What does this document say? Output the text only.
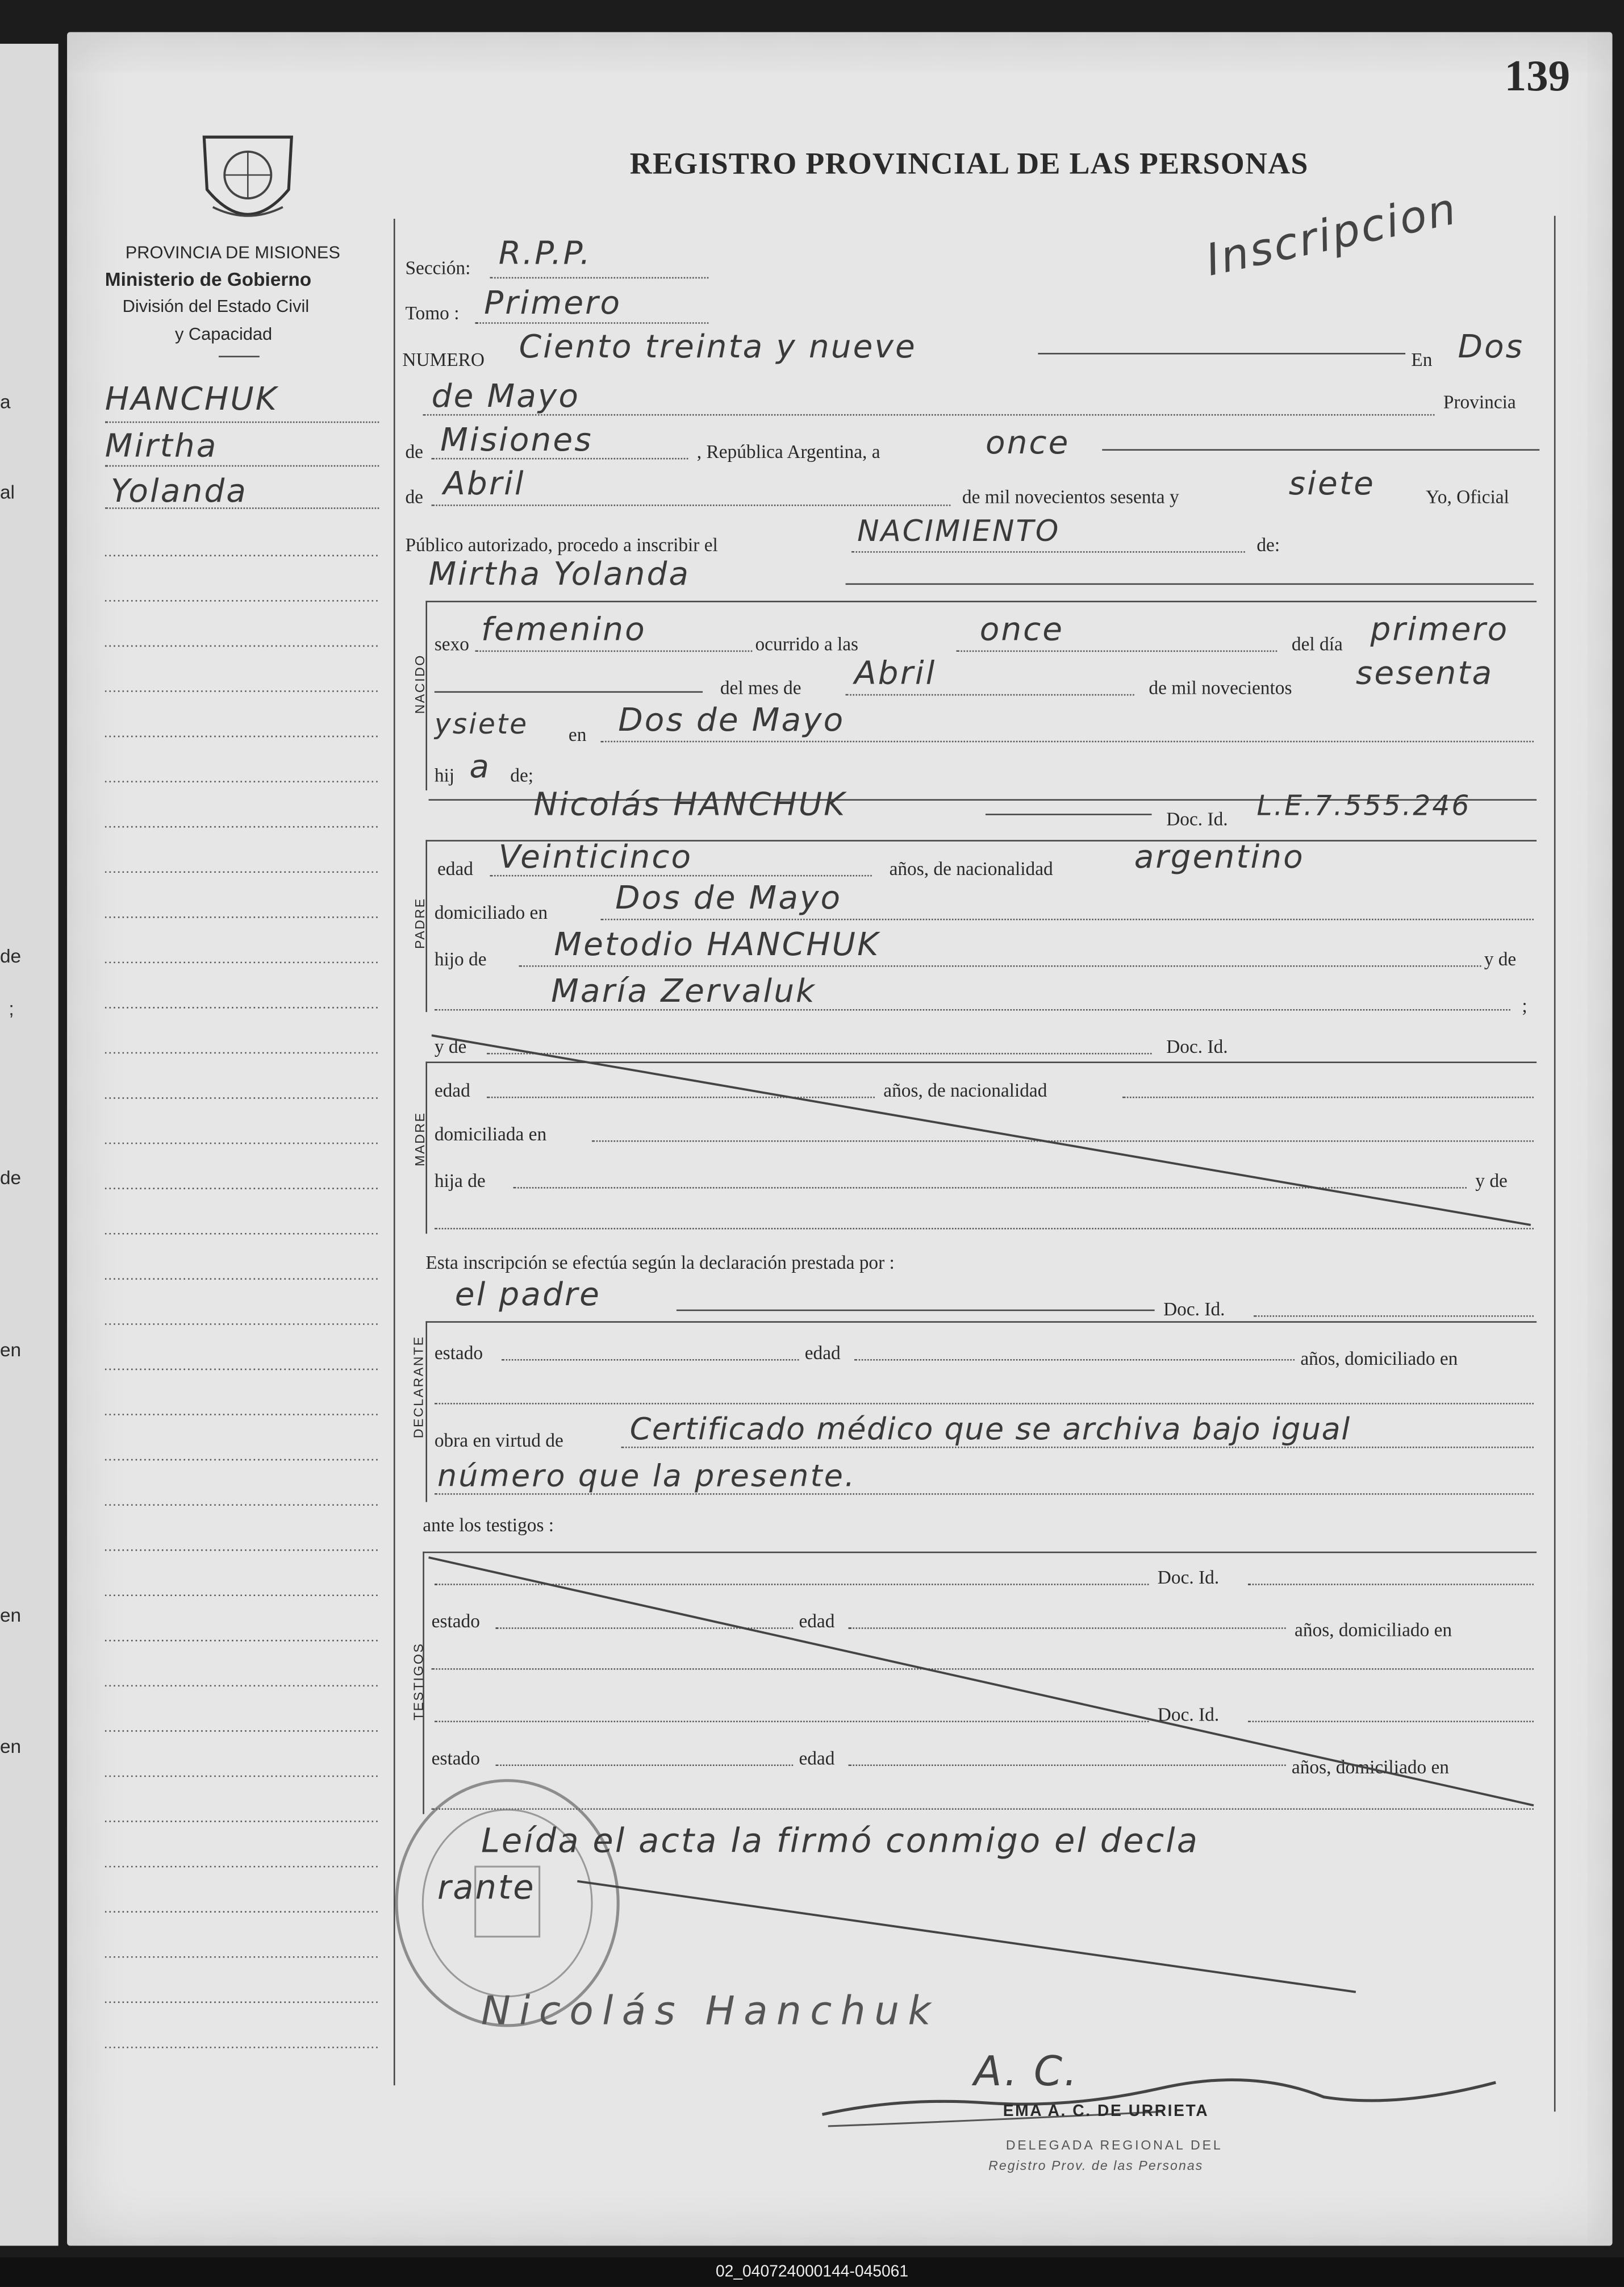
a
al
de
;
de
en
en
en
139
REGISTRO PROVINCIAL DE LAS PERSONAS
Inscripcion
PROVINCIA DE MISIONES
Ministerio de Gobierno
División del Estado Civil
y Capacidad
HANCHUK
Mirtha
Yolanda
Sección: R.P.P.
Tomo : Primero
NUMERO	Ciento treinta y nueve	En Dos
de Mayo	Provincia
de Misiones	, República Argentina, a	once
de Abril	de mil novecientos sesenta y	siete	Yo, Oficial
Público autorizado, procedo a inscribir el	NACIMIENTO	de:
Mirtha Yolanda
NACIDO
sexo femenino	ocurrido a las	once	del día primero
del mes de	Abril	de mil novecientos	sesenta
ysiete	en	Dos de Mayo
hij a	de;
Nicolás HANCHUK	Doc. Id.	L.E.7.555.246
PADRE
edad Veinticinco	años, de nacionalidad	argentino
domiciliado en	Dos de Mayo
hijo de	Metodio HANCHUK	y de
María Zervaluk	;
y de	Doc. Id.
MADRE
edad	años, de nacionalidad
domiciliada en
hija de	y de
Esta inscripción se efectúa según la declaración prestada por :
el padre	Doc. Id.
DECLARANTE estado	edad	años, domiciliado en
obra en virtud de	Certificado médico que se archiva bajo igual
número que la presente.
ante los testigos :
TESTIGOS
Doc. Id.
estado	edad	años, domiciliado en
Doc. Id.
estado	edad	años, domiciliado en
Leída el acta la firmó conmigo el decla
rante
Nicolás Hanchuk
A. C.
EMA A. C. DE URRIETA
DELEGADA REGIONAL DEL
Registro Prov. de las Personas
02_040724000144-045061
